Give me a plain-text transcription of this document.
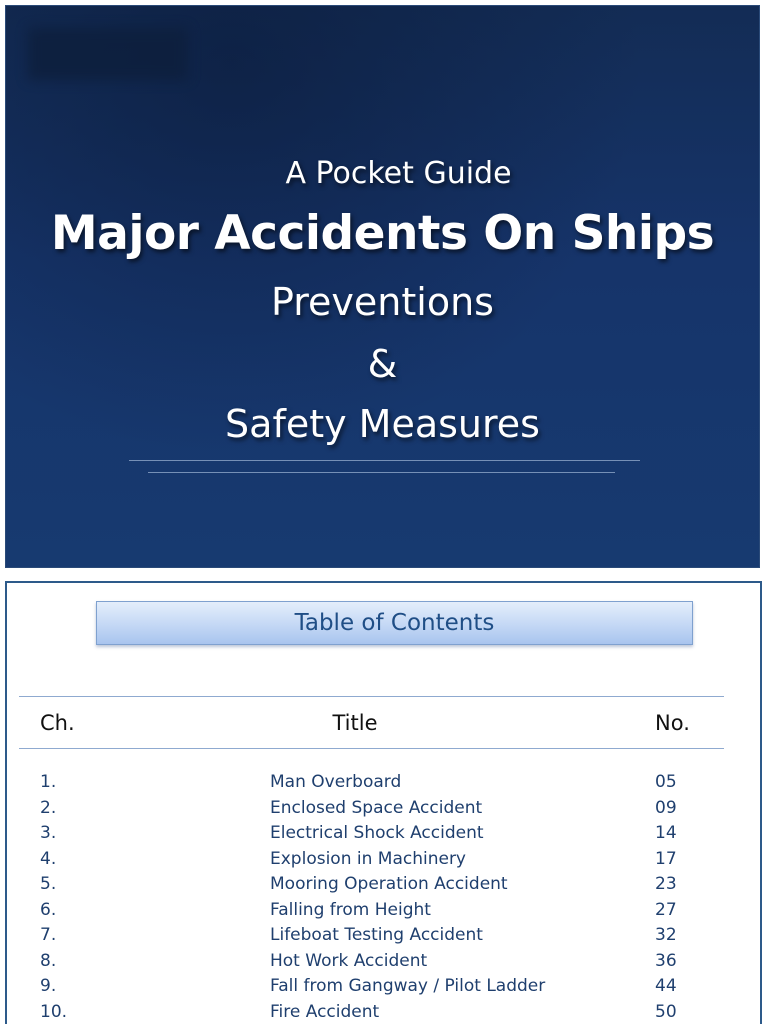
A Pocket Guide
Major Accidents On Ships
Preventions
&
Safety Measures
Table of Contents
Ch.	Title	No.
1.	Man Overboard	05
2.	Enclosed Space Accident	09
3.	Electrical Shock Accident	14
4.	Explosion in Machinery	17
5.	Mooring Operation Accident	23
6.	Falling from Height	27
7.	Lifeboat Testing Accident	32
8.	Hot Work Accident	36
9.	Fall from Gangway / Pilot Ladder	44
10.	Fire Accident	50
